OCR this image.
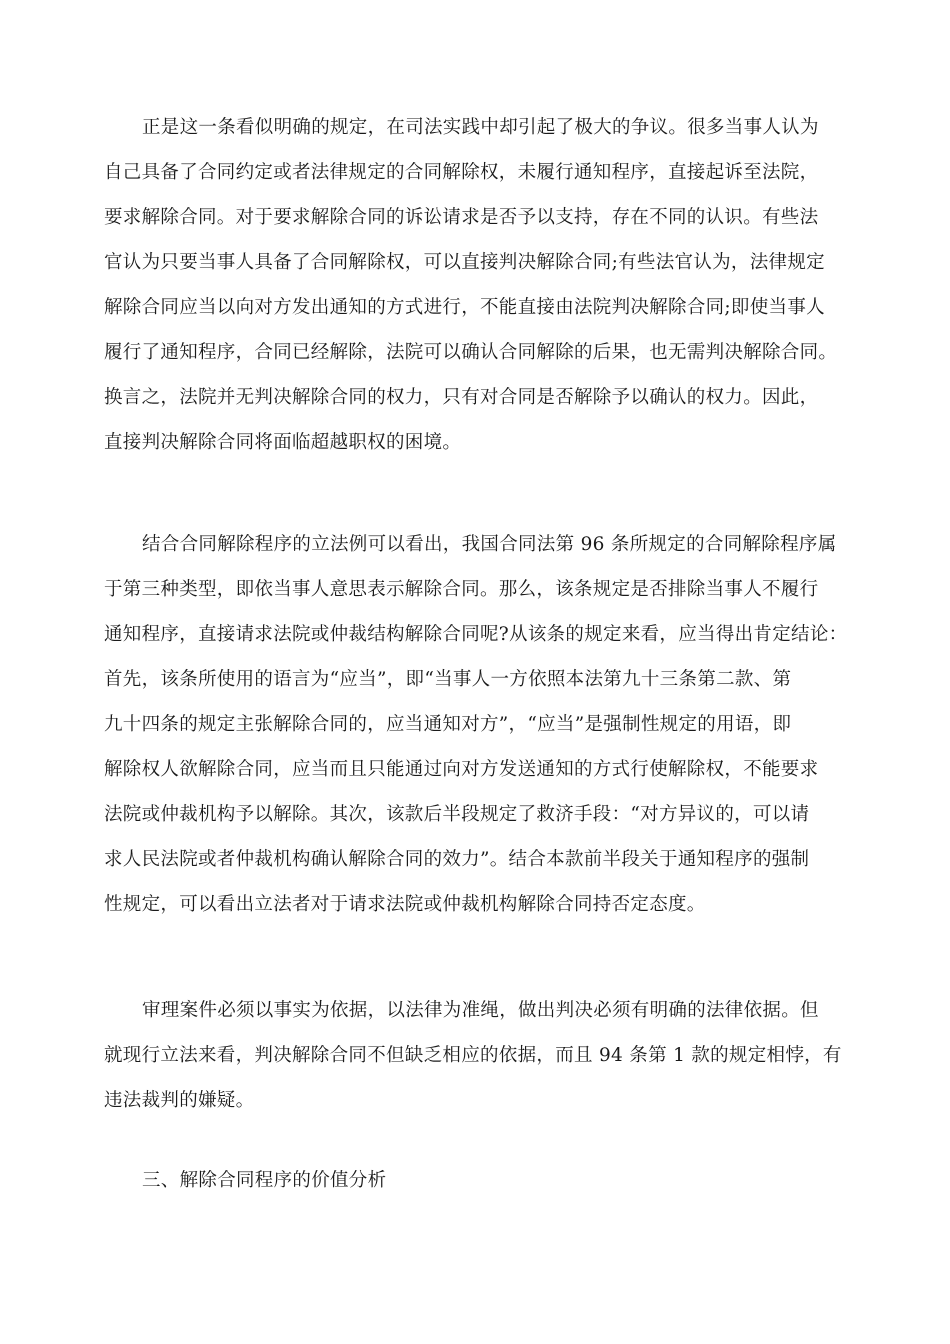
正是这一条看似明确的规定，在司法实践中却引起了极大的争议。很多当事人认为
自己具备了合同约定或者法律规定的合同解除权，未履行通知程序，直接起诉至法院，
要求解除合同。对于要求解除合同的诉讼请求是否予以支持，存在不同的认识。有些法
官认为只要当事人具备了合同解除权，可以直接判决解除合同;有些法官认为，法律规定
解除合同应当以向对方发出通知的方式进行，不能直接由法院判决解除合同;即使当事人
履行了通知程序，合同已经解除，法院可以确认合同解除的后果，也无需判决解除合同。
换言之，法院并无判决解除合同的权力，只有对合同是否解除予以确认的权力。因此，
直接判决解除合同将面临超越职权的困境。
结合合同解除程序的立法例可以看出，我国合同法第 96 条所规定的合同解除程序属
于第三种类型，即依当事人意思表示解除合同。那么，该条规定是否排除当事人不履行
通知程序，直接请求法院或仲裁结构解除合同呢?从该条的规定来看，应当得出肯定结论：
首先，该条所使用的语言为“应当”，即“当事人一方依照本法第九十三条第二款、第
九十四条的规定主张解除合同的，应当通知对方”，“应当”是强制性规定的用语，即
解除权人欲解除合同，应当而且只能通过向对方发送通知的方式行使解除权，不能要求
法院或仲裁机构予以解除。其次，该款后半段规定了救济手段：“对方异议的，可以请
求人民法院或者仲裁机构确认解除合同的效力”。结合本款前半段关于通知程序的强制
性规定，可以看出立法者对于请求法院或仲裁机构解除合同持否定态度。
审理案件必须以事实为依据，以法律为准绳，做出判决必须有明确的法律依据。但
就现行立法来看，判决解除合同不但缺乏相应的依据，而且 94 条第 1 款的规定相悖，有
违法裁判的嫌疑。
三、解除合同程序的价值分析
